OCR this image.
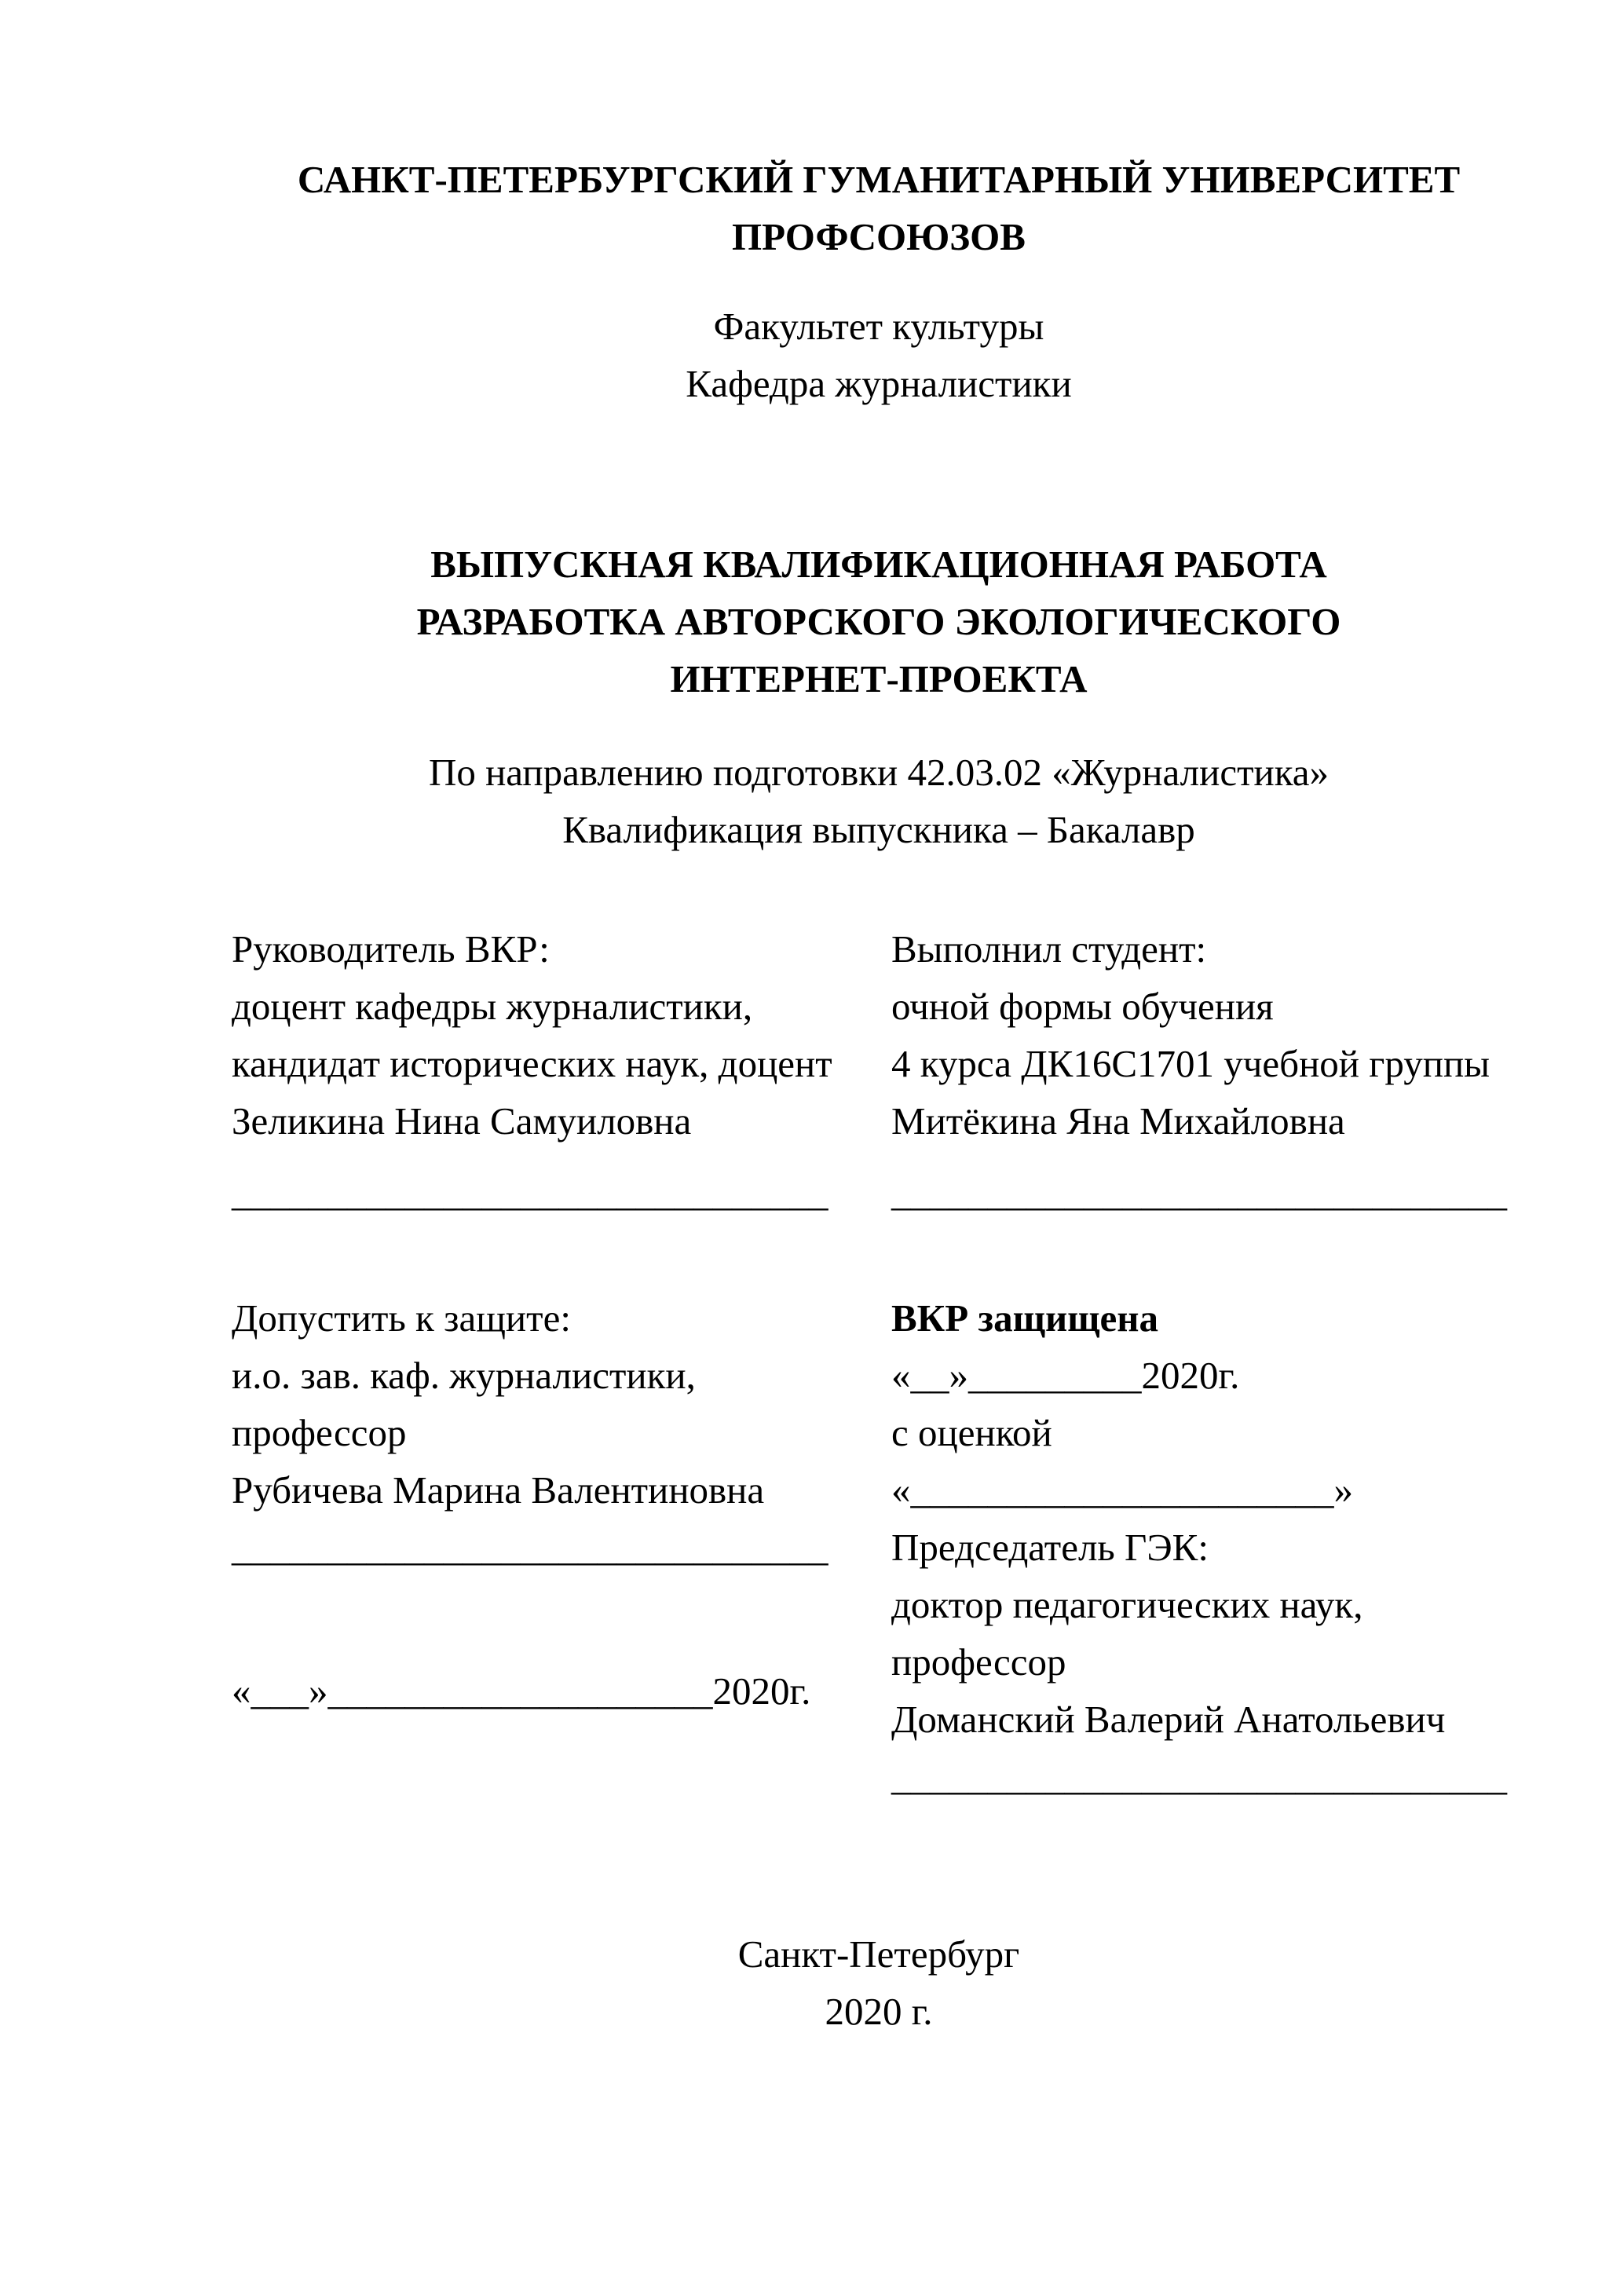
САНКТ-ПЕТЕРБУРГСКИЙ ГУМАНИТАРНЫЙ УНИВЕРСИТЕТ
ПРОФСОЮЗОВ
Факультет культуры
Кафедра журналистики
ВЫПУСКНАЯ КВАЛИФИКАЦИОННАЯ РАБОТА
РАЗРАБОТКА АВТОРСКОГО ЭКОЛОГИЧЕСКОГО
ИНТЕРНЕТ-ПРОЕКТА
По направлению подготовки 42.03.02 «Журналистика»
Квалификация выпускника – Бакалавр
Руководитель ВКР:
доцент кафедры журналистики,
кандидат исторических наук, доцент
Зеликина Нина Самуиловна
Выполнил студент:
очной формы обучения
4 курса ДК16С1701 учебной группы
Митёкина Яна Михайловна
_______________________________	________________________________
Допустить к защите:
и.о. зав. каф. журналистики,
профессор
Рубичева Марина Валентиновна
_______________________________
«___»____________________2020г.
ВКР защищена
«__»_________2020г.
с оценкой
«______________________»
Председатель ГЭК:
доктор педагогических наук,
профессор
Доманский Валерий Анатольевич
________________________________
Санкт-Петербург
2020 г.
